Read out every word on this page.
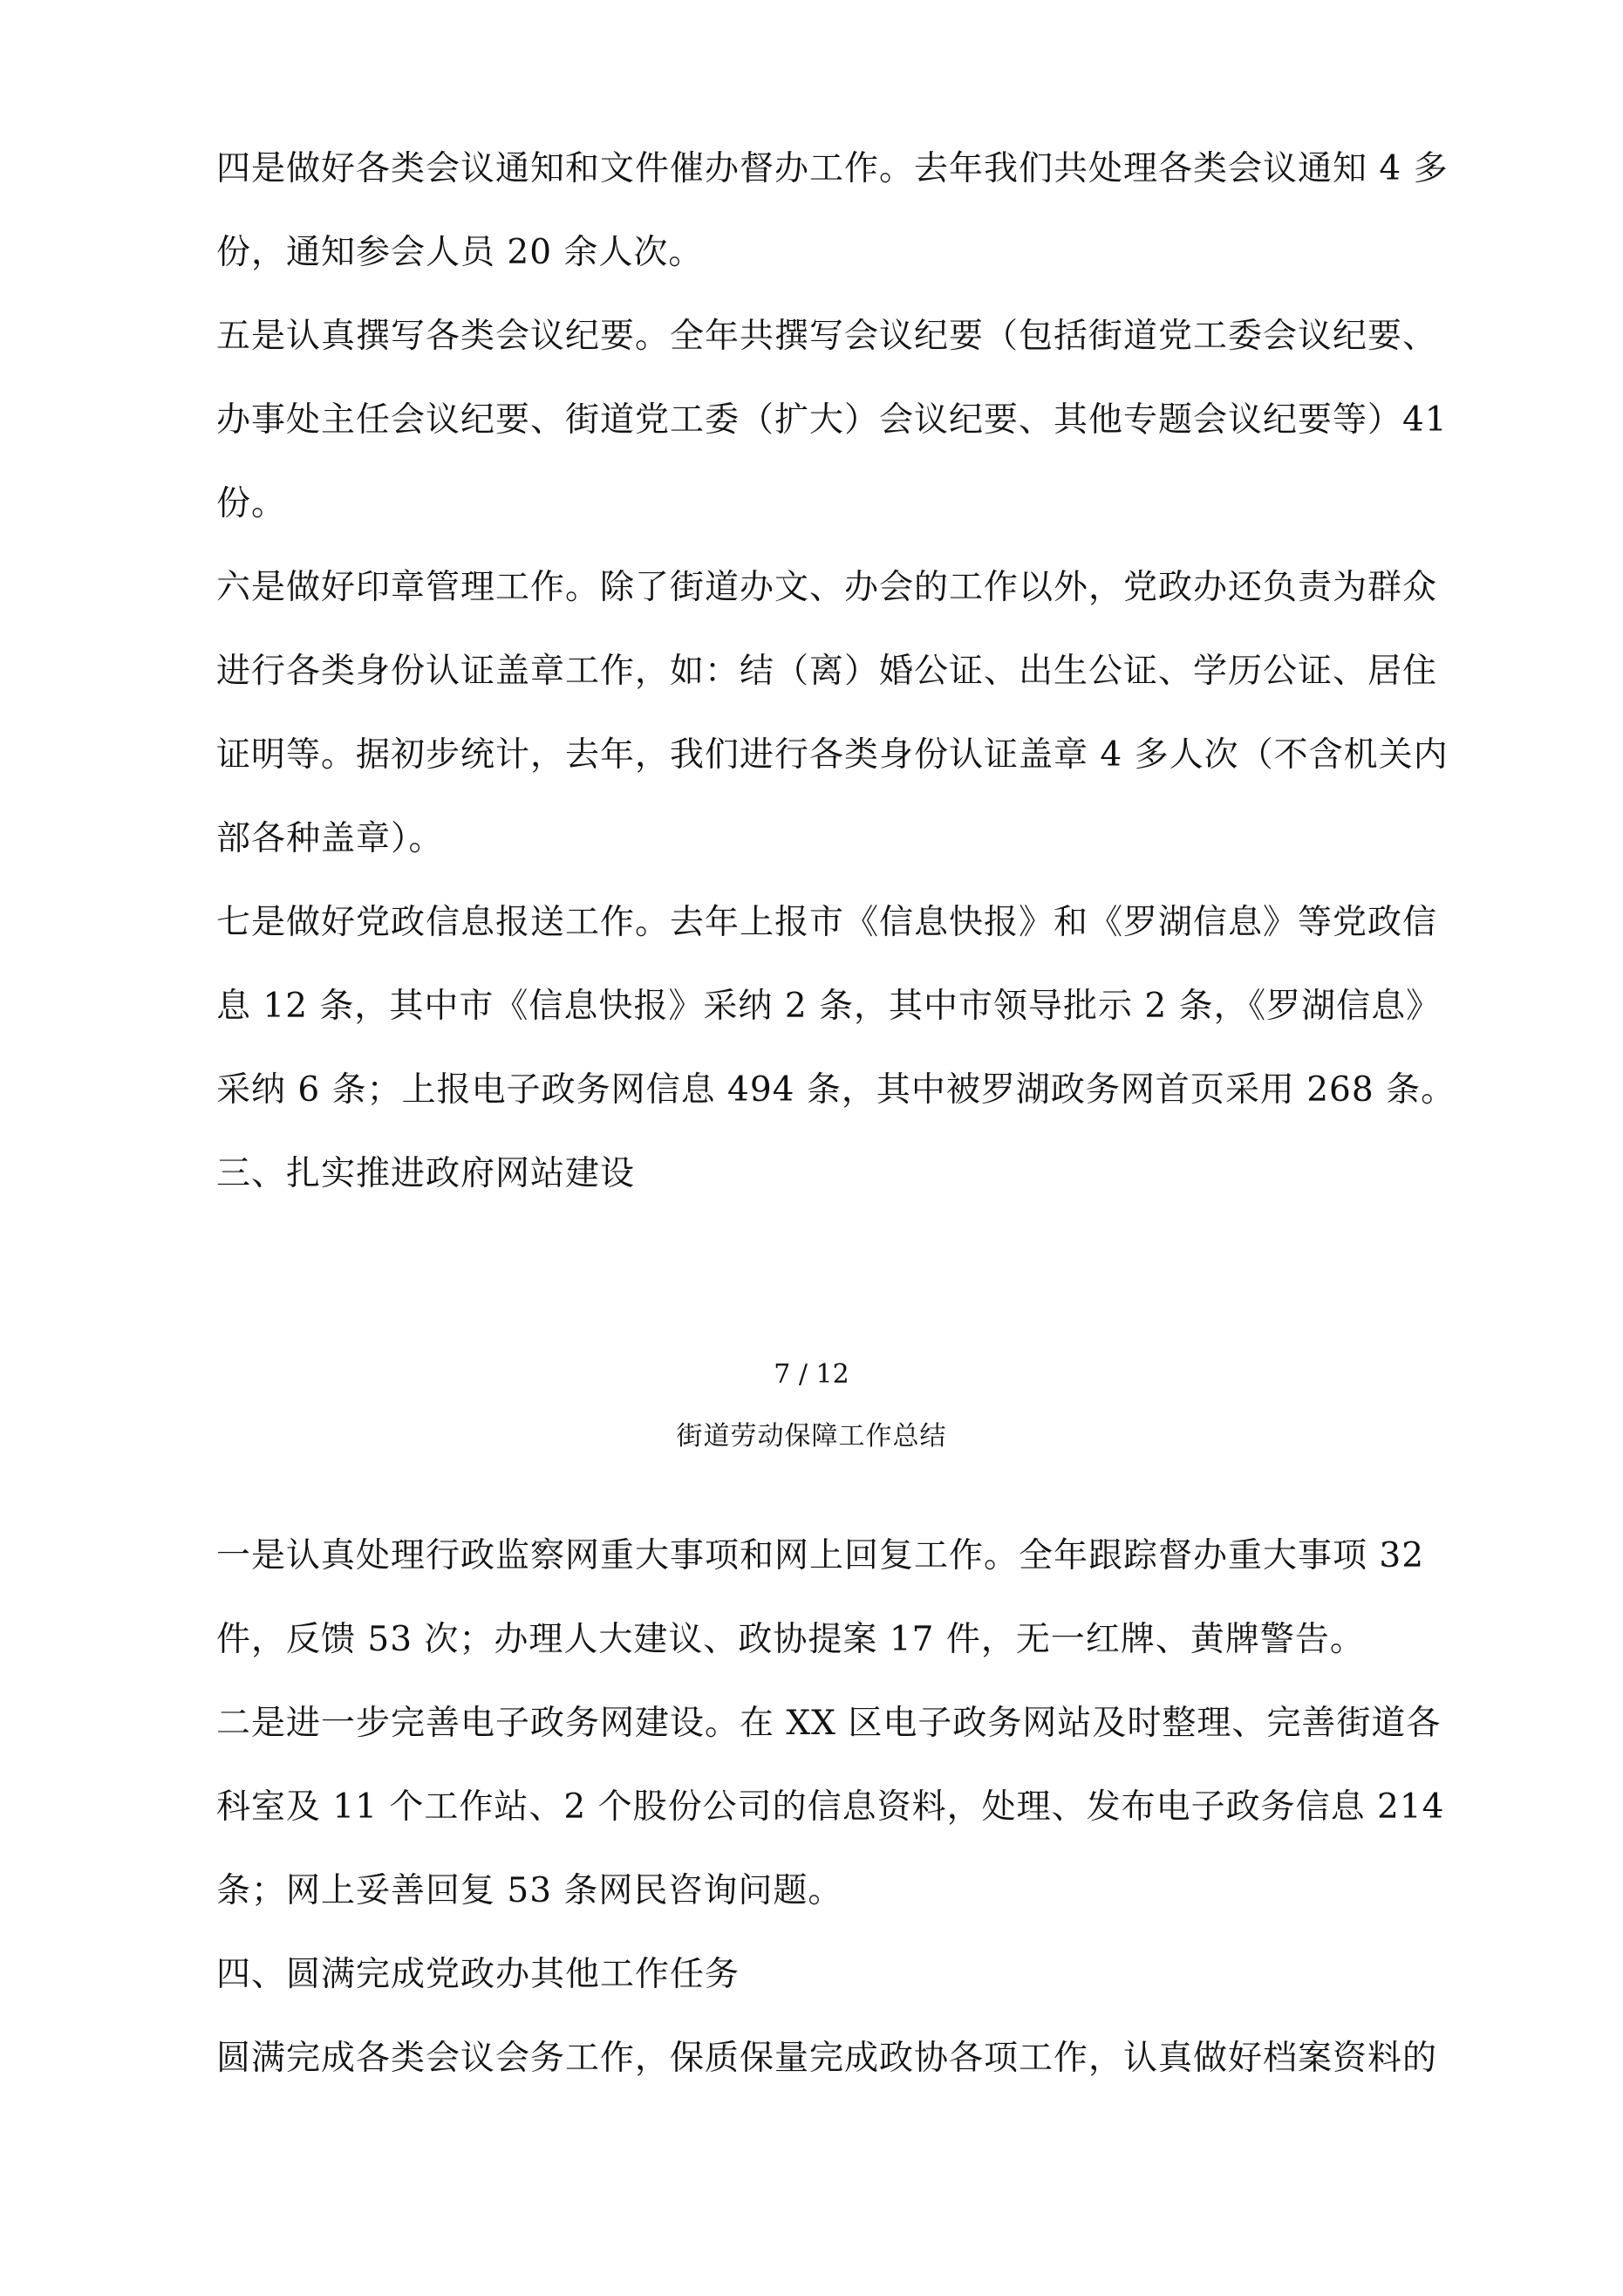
四是做好各类会议通知和文件催办督办工作。去年我们共处理各类会议通知 4 多
份，通知参会人员 20 余人次。
五是认真撰写各类会议纪要。全年共撰写会议纪要（包括街道党工委会议纪要、
办事处主任会议纪要、街道党工委（扩大）会议纪要、其他专题会议纪要等）41
份。
六是做好印章管理工作。除了街道办文、办会的工作以外，党政办还负责为群众
进行各类身份认证盖章工作，如：结（离）婚公证、出生公证、学历公证、居住
证明等。据初步统计，去年，我们进行各类身份认证盖章 4 多人次（不含机关内
部各种盖章）。
七是做好党政信息报送工作。去年上报市《信息快报》和《罗湖信息》等党政信
息 12 条，其中市《信息快报》采纳 2 条，其中市领导批示 2 条，《罗湖信息》
采纳 6 条；上报电子政务网信息 494 条，其中被罗湖政务网首页采用 268 条。
三、扎实推进政府网站建设
7 / 12
街道劳动保障工作总结
一是认真处理行政监察网重大事项和网上回复工作。全年跟踪督办重大事项 32
件，反馈 53 次；办理人大建议、政协提案 17 件，无一红牌、黄牌警告。
二是进一步完善电子政务网建设。在 XX 区电子政务网站及时整理、完善街道各
科室及 11 个工作站、2 个股份公司的信息资料，处理、发布电子政务信息 214
条；网上妥善回复 53 条网民咨询问题。
四、圆满完成党政办其他工作任务
圆满完成各类会议会务工作，保质保量完成政协各项工作，认真做好档案资料的
